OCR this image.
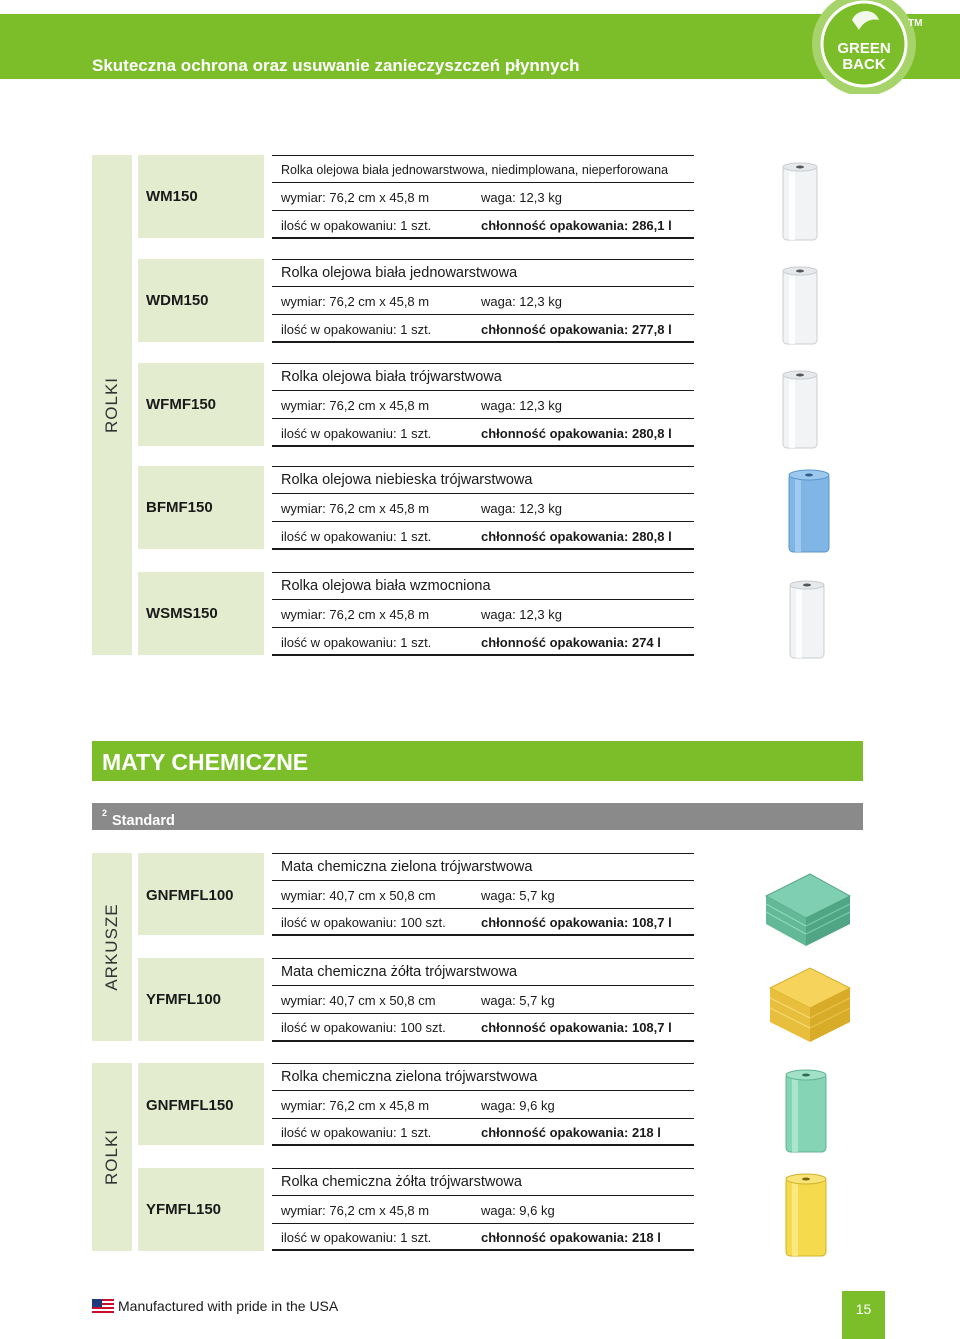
Skuteczna ochrona oraz usuwanie zanieczyszczeń płynnych
GREEN
BACK
TM
ROLKI
WM150
Rolka olejowa biała jednowarstwowa, niedimplowana, nieperforowana
wymiar: 76,2 cm x 45,8 m	waga: 12,3 kg
ilość w opakowaniu: 1 szt.	chłonność opakowania: 286,1 l
WDM150
Rolka olejowa biała jednowarstwowa
wymiar: 76,2 cm x 45,8 m	waga: 12,3 kg
ilość w opakowaniu: 1 szt.	chłonność opakowania: 277,8 l
WFMF150
Rolka olejowa biała trójwarstwowa
wymiar: 76,2 cm x 45,8 m	waga: 12,3 kg
ilość w opakowaniu: 1 szt.	chłonność opakowania: 280,8 l
BFMF150
Rolka olejowa niebieska trójwarstwowa
wymiar: 76,2 cm x 45,8 m	waga: 12,3 kg
ilość w opakowaniu: 1 szt.	chłonność opakowania: 280,8 l
WSMS150
Rolka olejowa biała wzmocniona
wymiar: 76,2 cm x 45,8 m	waga: 12,3 kg
ilość w opakowaniu: 1 szt.	chłonność opakowania: 274 l
MATY CHEMICZNE
Standard (średnie)
$^2$
ARKUSZE
GNFMFL100
Mata chemiczna zielona trójwarstwowa
wymiar: 40,7 cm x 50,8 cm	waga: 5,7 kg
ilość w opakowaniu: 100 szt.	chłonność opakowania: 108,7 l
YFMFL100
Mata chemiczna żółta trójwarstwowa
wymiar: 40,7 cm x 50,8 cm	waga: 5,7 kg
ilość w opakowaniu: 100 szt.	chłonność opakowania: 108,7 l
ROLKI
GNFMFL150
Rolka chemiczna zielona trójwarstwowa
wymiar: 76,2 cm x 45,8 m	waga: 9,6 kg
ilość w opakowaniu: 1 szt.	chłonność opakowania: 218 l
YFMFL150
Rolka chemiczna żółta trójwarstwowa
wymiar: 76,2 cm x 45,8 m	waga: 9,6 kg
ilość w opakowaniu: 1 szt.	chłonność opakowania: 218 l
Manufactured with pride in the USA	15
